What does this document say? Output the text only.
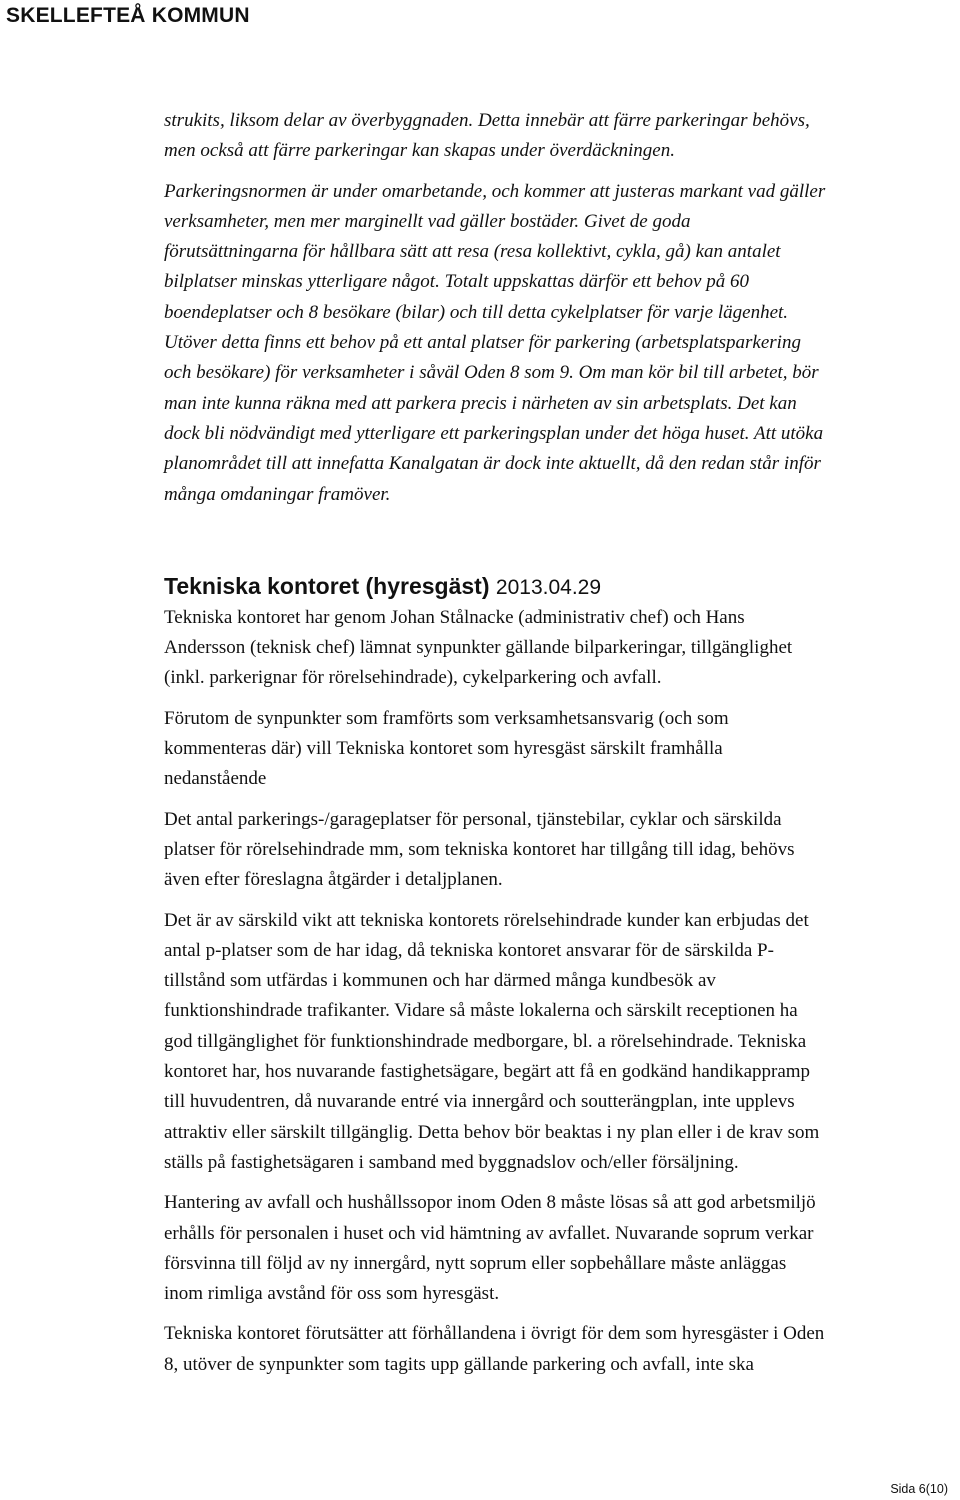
SKELLEFTEÅ KOMMUN

strukits, liksom delar av överbyggnaden. Detta innebär att färre parkeringar behövs,

men också att färre parkeringar kan skapas under överdäckningen.

Parkeringsnormen är under omarbetande, och kommer att justeras markant vad gäller

verksamheter, men mer marginellt vad gäller bostäder. Givet de goda

förutsättningarna för hållbara sätt att resa (resa kollektivt, cykla, gå) kan antalet

bilplatser minskas ytterligare något. Totalt uppskattas därför ett behov på 60

boendeplatser och 8 besökare (bilar) och till detta cykelplatser för varje lägenhet.

Utöver detta finns ett behov på ett antal platser för parkering (arbetsplatsparkering

och besökare) för verksamheter i såväl Oden 8 som 9. Om man kör bil till arbetet, bör

man inte kunna räkna med att parkera precis i närheten av sin arbetsplats. Det kan

dock bli nödvändigt med ytterligare ett parkeringsplan under det höga huset. Att utöka

planområdet till att innefatta Kanalgatan är dock inte aktuellt, då den redan står inför

många omdaningar framöver.

Tekniska kontoret (hyresgäst) 2013.04.29

Tekniska kontoret har genom Johan Stålnacke (administrativ chef) och Hans

Andersson (teknisk chef) lämnat synpunkter gällande bilparkeringar, tillgänglighet

(inkl. parkerignar för rörelsehindrade), cykelparkering och avfall.

Förutom de synpunkter som framförts som verksamhetsansvarig (och som

kommenteras där) vill Tekniska kontoret som hyresgäst särskilt framhålla

nedanstående

Det antal parkerings-/garageplatser för personal, tjänstebilar, cyklar och särskilda

platser för rörelsehindrade mm, som tekniska kontoret har tillgång till idag, behövs

även efter föreslagna åtgärder i detaljplanen.

Det är av särskild vikt att tekniska kontorets rörelsehindrade kunder kan erbjudas det

antal p-platser som de har idag, då tekniska kontoret ansvarar för de särskilda P-

tillstånd som utfärdas i kommunen och har därmed många kundbesök av

funktionshindrade trafikanter. Vidare så måste lokalerna och särskilt receptionen ha

god tillgänglighet för funktionshindrade medborgare, bl. a rörelsehindrade. Tekniska

kontoret har, hos nuvarande fastighetsägare, begärt att få en godkänd handikappramp

till huvudentren, då nuvarande entré via innergård och soutterängplan, inte upplevs

attraktiv eller särskilt tillgänglig. Detta behov bör beaktas i ny plan eller i de krav som

ställs på fastighetsägaren i samband med byggnadslov och/eller försäljning.

Hantering av avfall och hushållssopor inom Oden 8 måste lösas så att god arbetsmiljö

erhålls för personalen i huset och vid hämtning av avfallet. Nuvarande soprum verkar

försvinna till följd av ny innergård, nytt soprum eller sopbehållare måste anläggas

inom rimliga avstånd för oss som hyresgäst.

Tekniska kontoret förutsätter att förhållandena i övrigt för dem som hyresgäster i Oden

8, utöver de synpunkter som tagits upp gällande parkering och avfall, inte ska

Sida 6(10)
